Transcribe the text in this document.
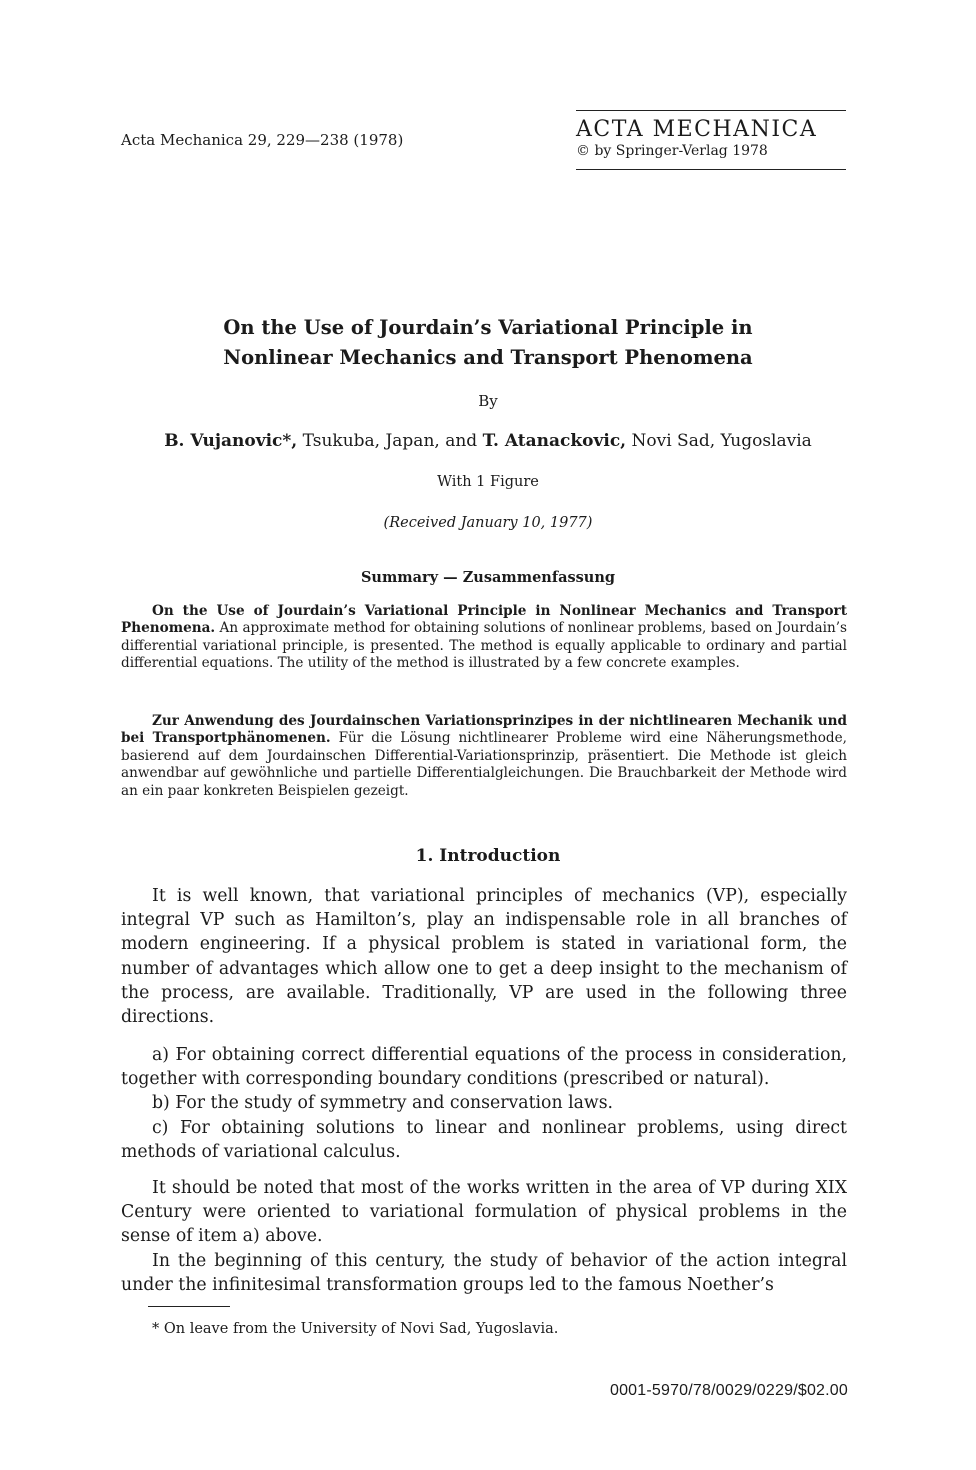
Acta Mechanica 29, 229—238 (1978)	ACTA MECHANICA
© by Springer-Verlag 1978
On the Use of Jourdain’s Variational Principle in
Nonlinear Mechanics and Transport Phenomena
By
B. Vujanovic*, Tsukuba, Japan, and T. Atanackovic, Novi Sad, Yugoslavia
With 1 Figure
(Received January 10, 1977)
Summary — Zusammenfassung
On the Use of Jourdain’s Variational Principle in Nonlinear Mechanics and Transport Phenomena. An approximate method for obtaining solutions of nonlinear problems, based on Jourdain’s differential variational principle, is presented. The method is equally applicable to ordinary and partial differential equations. The utility of the method is illustrated by a few concrete examples.
Zur Anwendung des Jourdainschen Variationsprinzipes in der nichtlinearen Mechanik und bei Transportphänomenen. Für die Lösung nichtlinearer Probleme wird eine Näherungsmethode, basierend auf dem Jourdainschen Differential-Variationsprinzip, präsentiert. Die Methode ist gleich anwendbar auf gewöhnliche und partielle Differentialgleichungen. Die Brauchbarkeit der Methode wird an ein paar konkreten Beispielen gezeigt.
1. Introduction

It is well known, that variational principles of mechanics (VP), especially integral VP such as Hamilton’s, play an indispensable role in all branches of modern engineering. If a physical problem is stated in variational form, the number of advantages which allow one to get a deep insight to the mechanism of the process, are available. Traditionally, VP are used in the following three directions.

a) For obtaining correct differential equations of the process in consideration, together with corresponding boundary conditions (prescribed or natural).

b) For the study of symmetry and conservation laws.

c) For obtaining solutions to linear and nonlinear problems, using direct methods of variational calculus.

It should be noted that most of the works written in the area of VP during XIX Century were oriented to variational formulation of physical problems in the sense of item a) above.

In the beginning of this century, the study of behavior of the action integral under the infinitesimal transformation groups led to the famous Noether’s

* On leave from the University of Novi Sad, Yugoslavia.
0001-5970/78/0029/0229/$02.00
